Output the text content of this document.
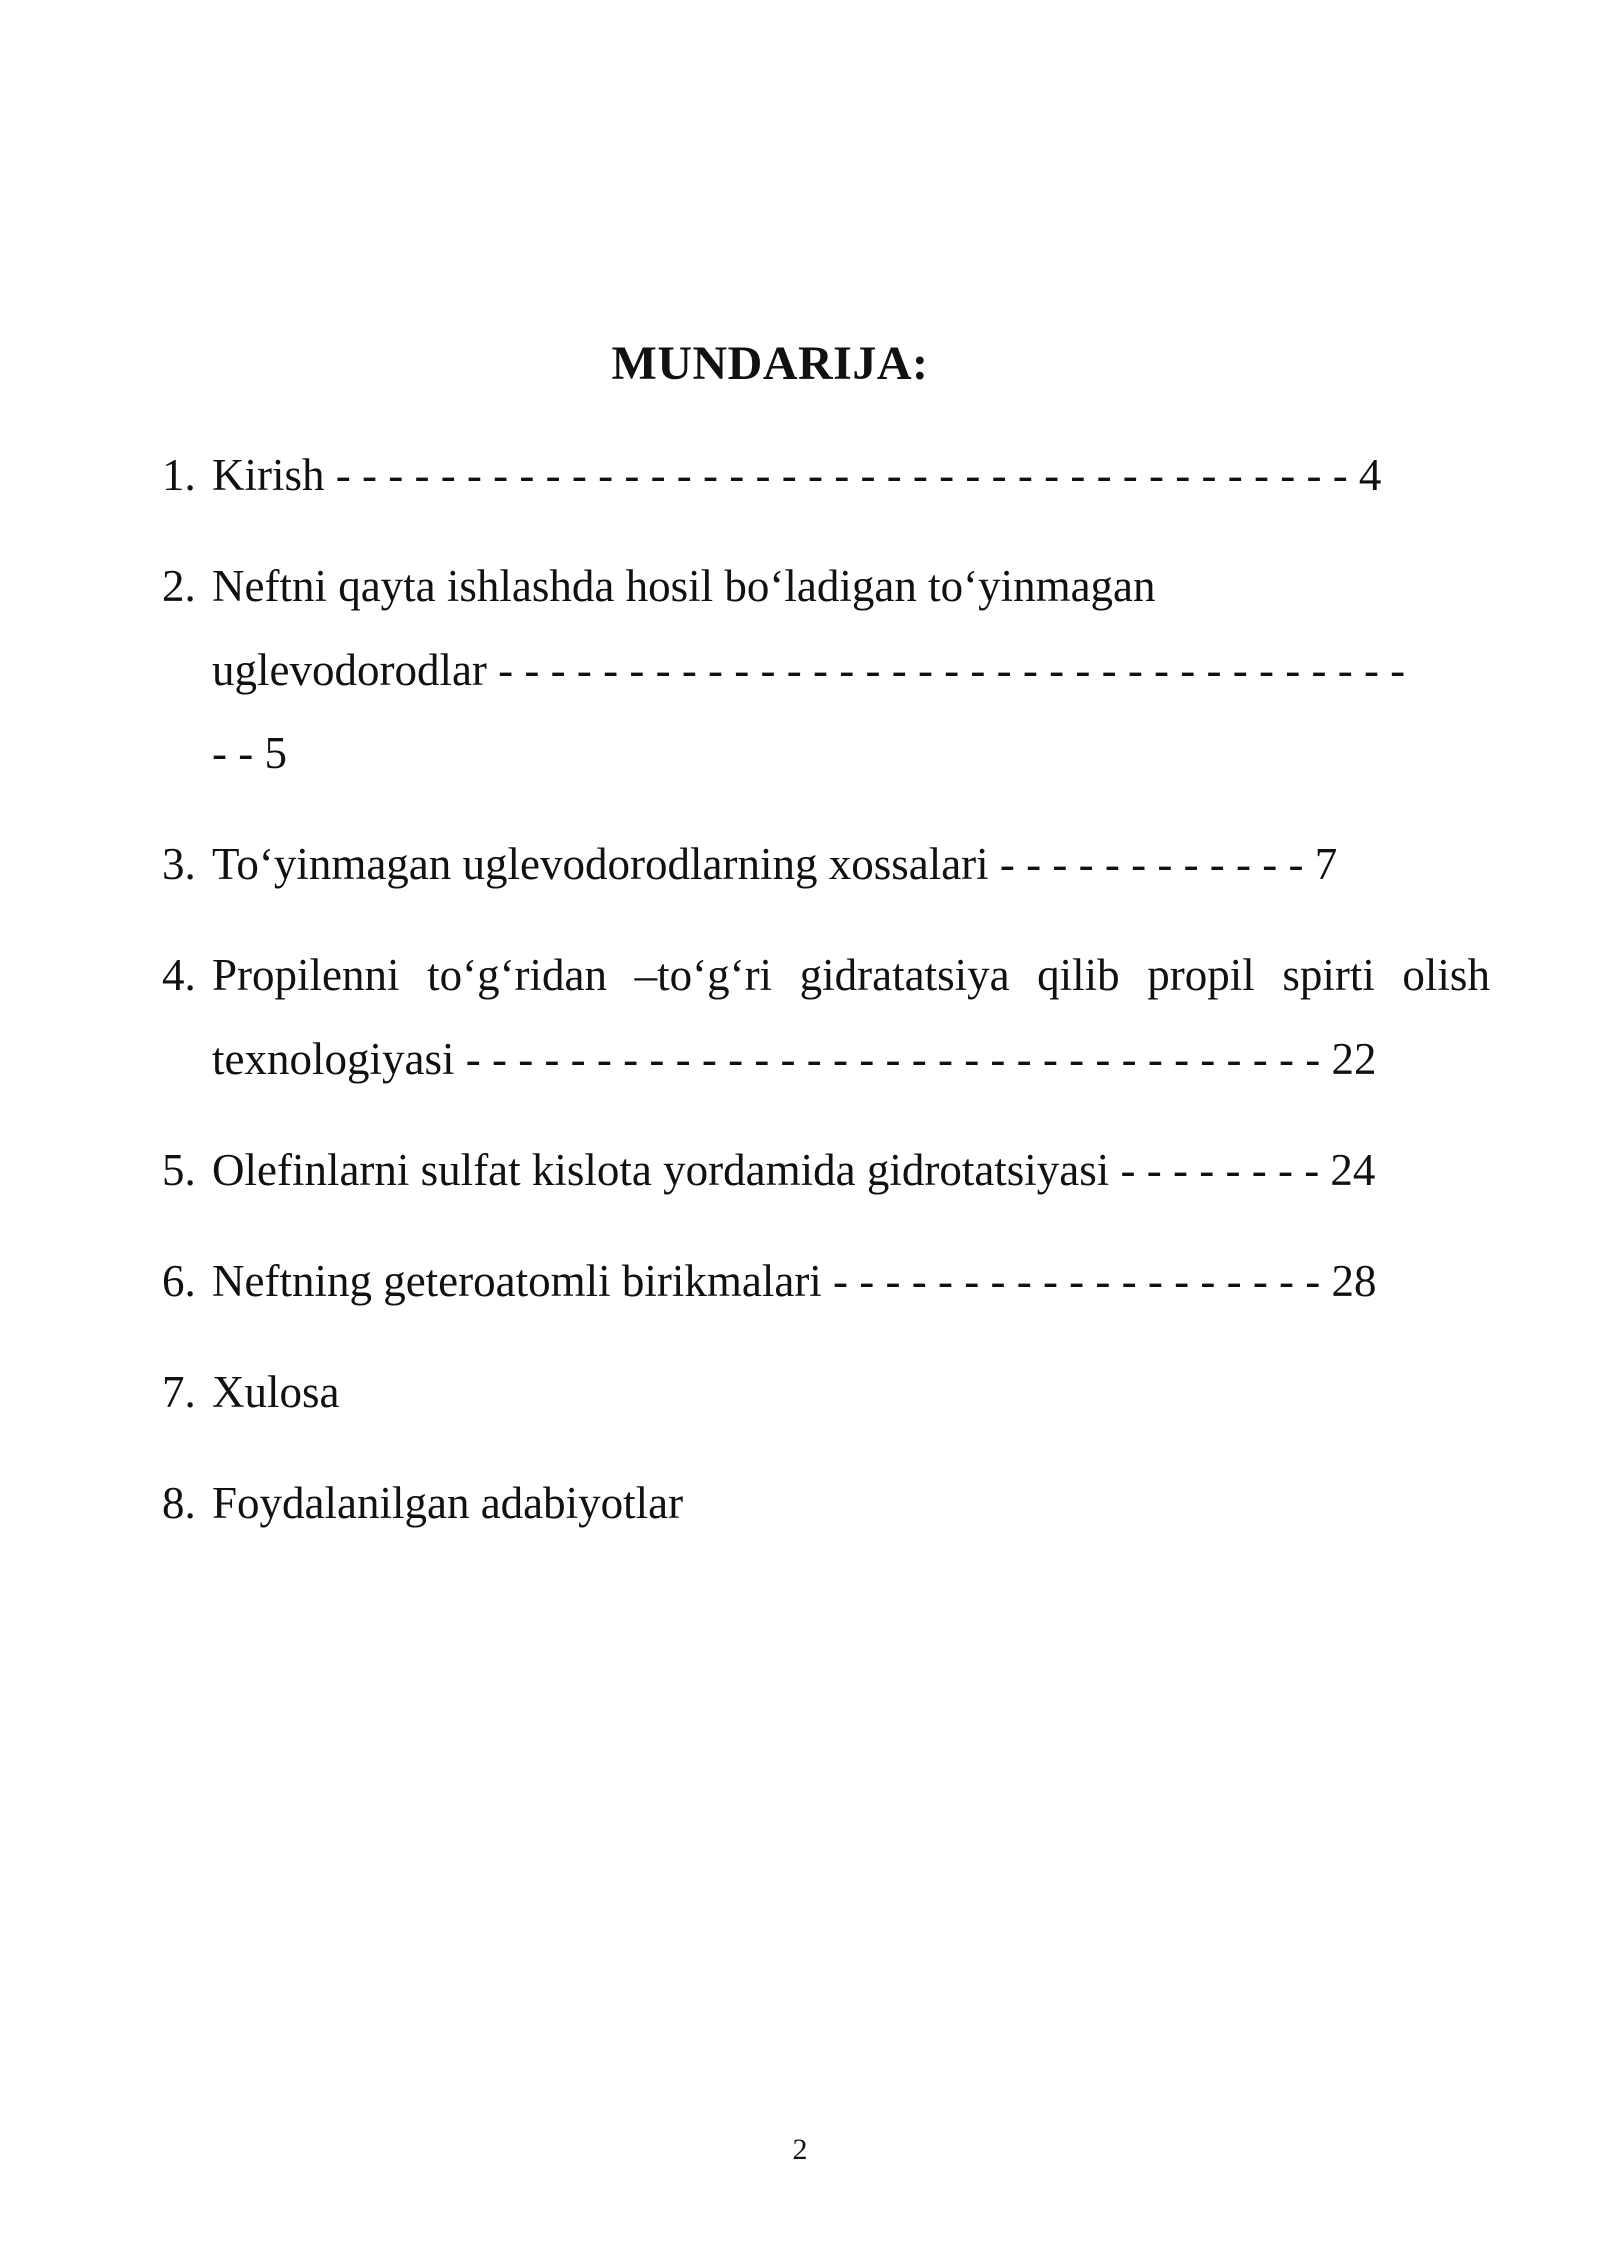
MUNDARIJA:
1. Kirish - - - - - - - - - - - - - - - - - - - - - - - - - - - - - - - - - - - - - - - 4
2. Neftni qayta ishlashda hosil bo‘ladigan to‘yinmagan
uglevodorodlar - - - - - - - - - - - - - - - - - - - - - - - - - - - - - - - - - - -
- - 5
3. To‘yinmagan uglevodorodlarning xossalari - - - - - - - - - - - - 7
4. Propilenni to‘g‘ridan –to‘g‘ri gidratatsiya qilib propil spirti olish
texnologiyasi - - - - - - - - - - - - - - - - - - - - - - - - - - - - - - - - - 22
5. Olefinlarni sulfat kislota yordamida gidrotatsiyasi - - - - - - - - 24
6. Neftning geteroatomli birikmalari - - - - - - - - - - - - - - - - - - - 28
7. Xulosa
8. Foydalanilgan adabiyotlar
2
